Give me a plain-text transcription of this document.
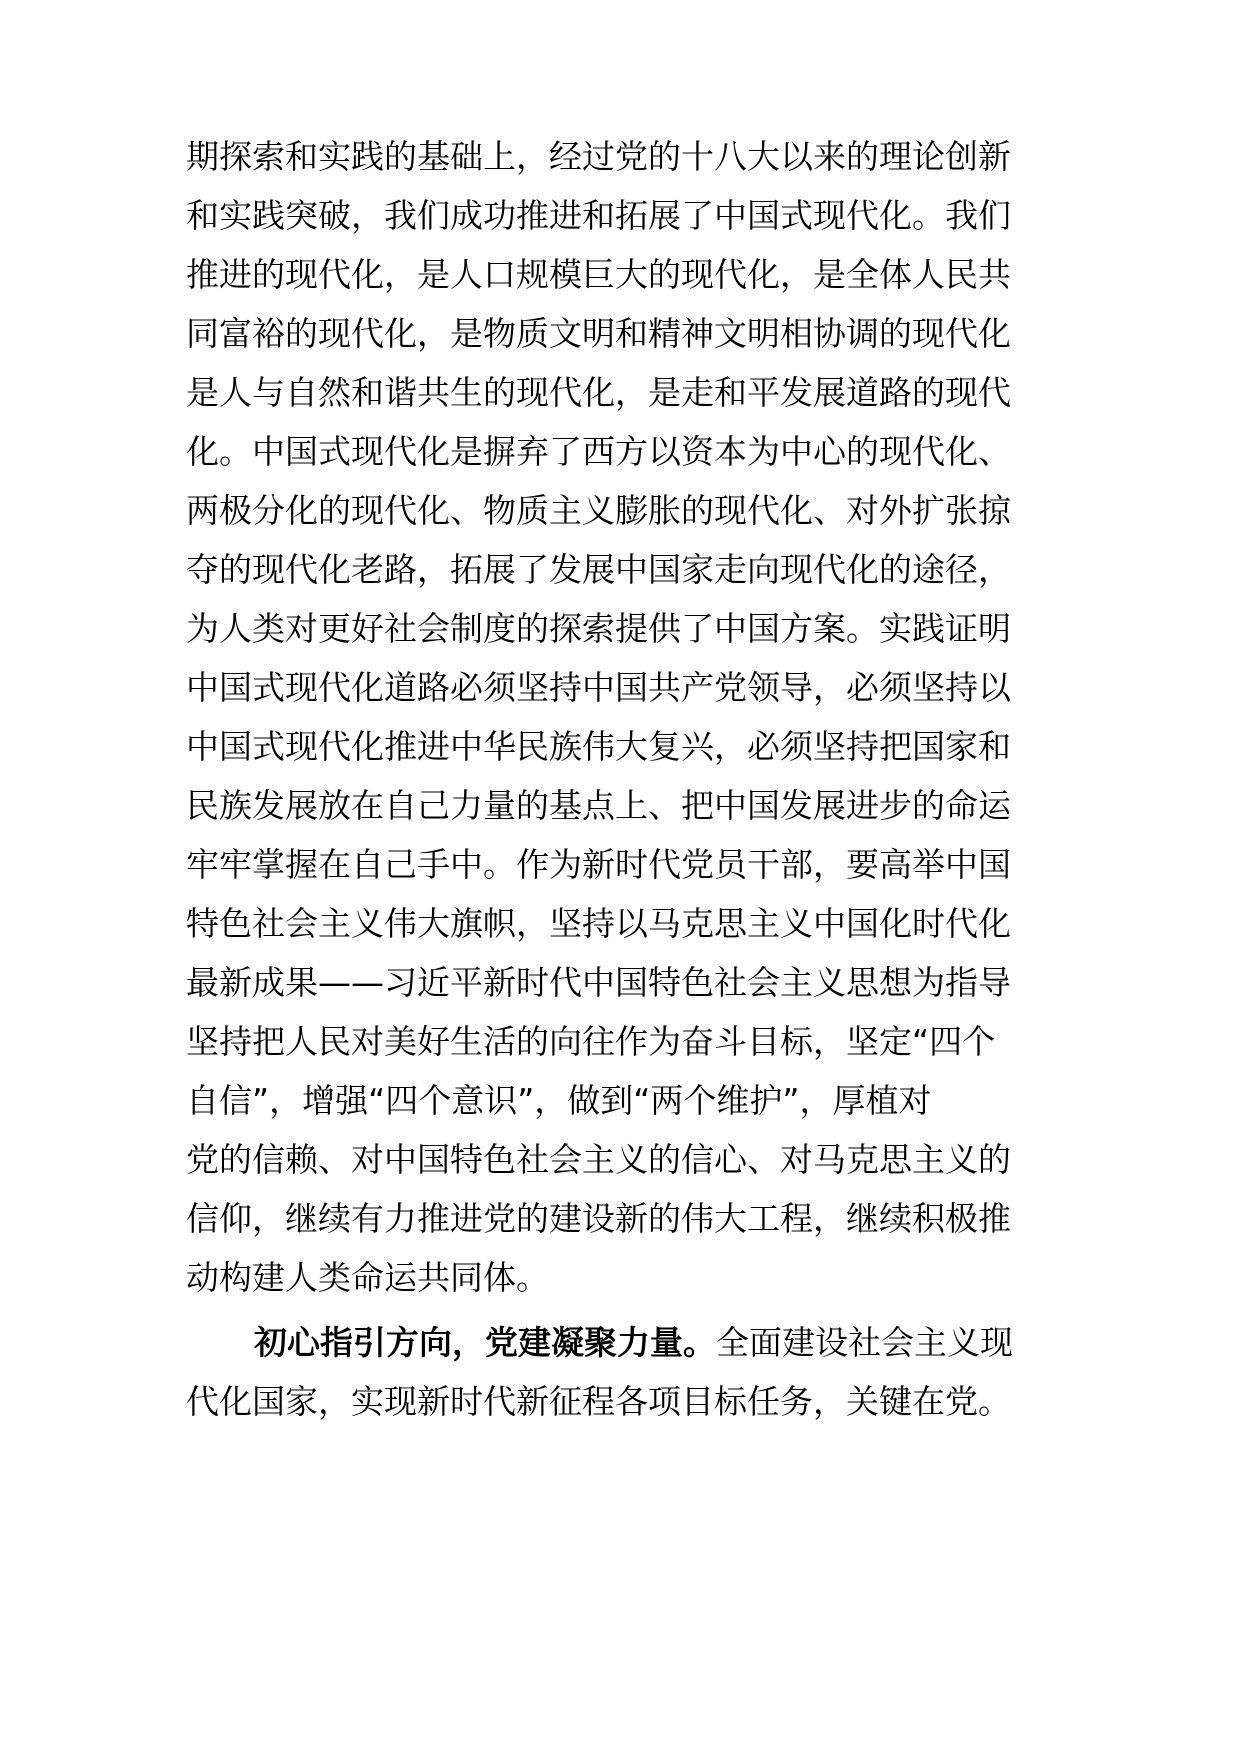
期探索和实践的基础上，经过党的十八大以来的理论创新
和实践突破，我们成功推进和拓展了中国式现代化。我们
推进的现代化，是人口规模巨大的现代化，是全体人民共
同富裕的现代化，是物质文明和精神文明相协调的现代化
是人与自然和谐共生的现代化，是走和平发展道路的现代
化。中国式现代化是摒弃了西方以资本为中心的现代化、
两极分化的现代化、物质主义膨胀的现代化、对外扩张掠
夺的现代化老路，拓展了发展中国家走向现代化的途径，
为人类对更好社会制度的探索提供了中国方案。实践证明
中国式现代化道路必须坚持中国共产党领导，必须坚持以
中国式现代化推进中华民族伟大复兴，必须坚持把国家和
民族发展放在自己力量的基点上、把中国发展进步的命运
牢牢掌握在自己手中。作为新时代党员干部，要高举中国
特色社会主义伟大旗帜，坚持以马克思主义中国化时代化
最新成果——习近平新时代中国特色社会主义思想为指导
坚持把人民对美好生活的向往作为奋斗目标，坚定“四个
自信”，增强“四个意识”，做到“两个维护”，厚植对
党的信赖、对中国特色社会主义的信心、对马克思主义的
信仰，继续有力推进党的建设新的伟大工程，继续积极推
动构建人类命运共同体。
初心指引方向，党建凝聚力量。全面建设社会主义现
代化国家，实现新时代新征程各项目标任务，关键在党。
